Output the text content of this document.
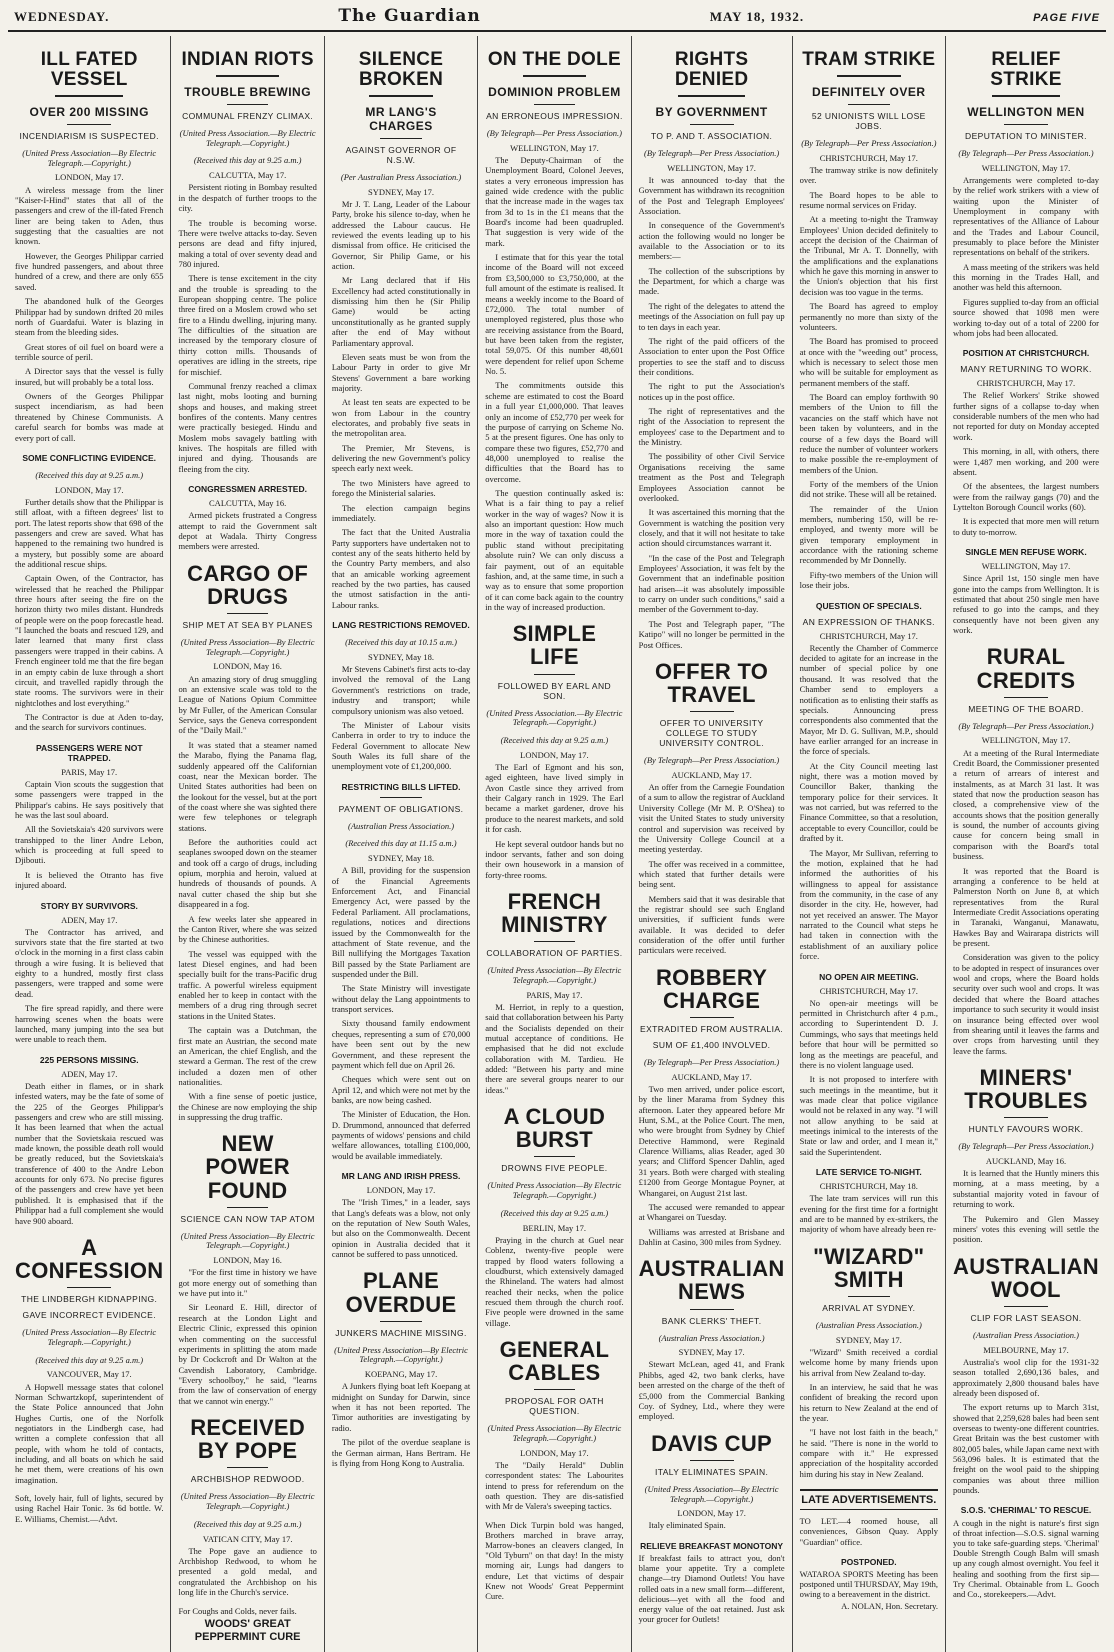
WEDNESDAY.	The Guardian	MAY 18, 1932.	PAGE FIVE
ILL FATED VESSEL
OVER 200 MISSING
INCENDIARISM IS SUSPECTED.
(United Press Association—By Electric Telegraph.—Copyright.)
LONDON, May 17.

A wireless message from the liner "Kaiser-I-Hind" states that all of the passengers and crew of the ill-fated French liner are being taken to Aden, thus suggesting that the casualties are not known.

However, the Georges Philippar carried five hundred passengers, and about three hundred of a crew, and there are only 655 saved.

The abandoned hulk of the Georges Philippar had by sundown drifted 20 miles north of Guardafui. Water is blazing in steam from the bleeding sides.

Great stores of oil fuel on board were a terrible source of peril.

A Director says that the vessel is fully insured, but will probably be a total loss.

Owners of the Georges Philippar suspect incendiarism, as had been threatened by Chinese Communists. A careful search for bombs was made at every port of call.

SOME CONFLICTING EVIDENCE.
(Received this day at 9.25 a.m.)
LONDON, May 17.

Further details show that the Philippar is still afloat, with a fifteen degrees' list to port. The latest reports show that 698 of the passengers and crew are saved. What has happened to the remaining two hundred is a mystery, but possibly some are aboard the additional rescue ships.

Captain Owen, of the Contractor, has wirelessed that he reached the Philippar three hours after seeing the fire on the horizon thirty two miles distant. Hundreds of people were on the poop forecastle head. "I launched the boats and rescued 129, and later learned that many first class passengers were trapped in their cabins. A French engineer told me that the fire began in an empty cabin de luxe through a short circuit, and travelled rapidly through the state rooms. The survivors were in their nightclothes and lost everything."

The Contractor is due at Aden to-day, and the search for survivors continues.

PASSENGERS WERE NOT TRAPPED.
PARIS, May 17.

Captain Vion scouts the suggestion that some passengers were trapped in the Philippar's cabins. He says positively that he was the last soul aboard.

All the Sovietskaia's 420 survivors were transhipped to the liner Andre Lebon, which is proceeding at full speed to Djibouti.

It is believed the Otranto has five injured aboard.

STORY BY SURVIVORS.
ADEN, May 17.

The Contractor has arrived, and survivors state that the fire started at two o'clock in the morning in a first class cabin through a wire fusing. It is believed that eighty to a hundred, mostly first class passengers, were trapped and some were dead.

The fire spread rapidly, and there were harrowing scenes when the boats were launched, many jumping into the sea but were unable to reach them.

225 PERSONS MISSING.
ADEN, May 17.

Death either in flames, or in shark infested waters, may be the fate of some of the 225 of the Georges Philippar's passengers and crew who are still missing. It has been learned that when the actual number that the Sovietskaia rescued was made known, the possible death roll would be greatly reduced, but the Sovietskaia's transference of 400 to the Andre Lebon accounts for only 673. No precise figures of the passengers and crew have yet been published. It is emphasised that if the Philippar had a full complement she would have 900 aboard.

A CONFESSION
THE LINDBERGH KIDNAPPING.
GAVE INCORRECT EVIDENCE.
(United Press Association—By Electric Telegraph.—Copyright.)
(Received this day at 9.25 a.m.)
VANCOUVER, May 17.

A Hopwell message states that colonel Norman Schwartzkopf, superintendent of the State Police announced that John Hughes Curtis, one of the Norfolk negotiators in the Lindbergh case, had written a complete confession that all people, with whom he told of contacts, including, and all boats on which he said he met them, were creations of his own imagination.

Soft, lovely hair, full of lights, secured by using Rachel Hair Tonic. 3s 6d bottle. W. E. Williams, Chemist.—Advt.
INDIAN RIOTS
TROUBLE BREWING
COMMUNAL FRENZY CLIMAX.
(United Press Association.—By Electric Telegraph.—Copyright.)
(Received this day at 9.25 a.m.)
CALCUTTA, May 17.

Persistent rioting in Bombay resulted in the despatch of further troops to the city.

The trouble is becoming worse. There were twelve attacks to-day. Seven persons are dead and fifty injured, making a total of over seventy dead and 780 injured.

There is tense excitement in the city and the trouble is spreading to the European shopping centre. The police three fired on a Moslem crowd who set fire to a Hindu dwelling, injuring many. The difficulties of the situation are increased by the temporary closure of thirty cotton mills. Thousands of operatives are idling in the streets, ripe for mischief.

Communal frenzy reached a climax last night, mobs looting and burning shops and houses, and making street bonfires of the contents. Many centres were practically besieged. Hindu and Moslem mobs savagely battling with knives. The hospitals are filled with injured and dying. Thousands are fleeing from the city.

CONGRESSMEN ARRESTED.
CALCUTTA, May 16.

Armed pickets frustrated a Congress attempt to raid the Government salt depot at Wadala. Thirty Congress members were arrested.

CARGO OF DRUGS
SHIP MET AT SEA BY PLANES
(United Press Association—By Electric Telegraph.—Copyright.)
LONDON, May 16.

An amazing story of drug smuggling on an extensive scale was told to the League of Nations Opium Committee by Mr Fuller, of the American Consular Service, says the Geneva correspondent of the "Daily Mail."

It was stated that a steamer named the Marabo, flying the Panama flag, suddenly appeared off the Californian coast, near the Mexican border. The United States authorities had been on the lookout for the vessel, but at the port of the coast where she was sighted there were few telephones or telegraph stations.

Before the authorities could act seaplanes swooped down on the steamer and took off a cargo of drugs, including opium, morphia and heroin, valued at hundreds of thousands of pounds. A naval cutter chased the ship but she disappeared in a fog.

A few weeks later she appeared in the Canton River, where she was seized by the Chinese authorities.

The vessel was equipped with the latest Diesel engines, and had been specially built for the trans-Pacific drug traffic. A powerful wireless equipment enabled her to keep in contact with the members of a drug ring through secret stations in the United States.

The captain was a Dutchman, the first mate an Austrian, the second mate an American, the chief English, and the steward a German. The rest of the crew included a dozen men of other nationalities.

With a fine sense of poetic justice, the Chinese are now employing the ship in suppressing the drug traffic.

NEW POWER FOUND
SCIENCE CAN NOW TAP ATOM
(United Press Association—By Electric Telegraph.—Copyright.)
LONDON, May 16.

"For the first time in history we have got more energy out of something than we have put into it."

Sir Leonard E. Hill, director of research at the London Light and Electric Clinic, expressed this opinion when commenting on the successful experiments in splitting the atom made by Dr Cockcroft and Dr Walton at the Cavendish Laboratory, Cambridge. "Every schoolboy," he said, "learns from the law of conservation of energy that we cannot win energy."

RECEIVED BY POPE
ARCHBISHOP REDWOOD.
(United Press Association—By Electric Telegraph.—Copyright.)
(Received this day at 9.25 a.m.)
VATICAN CITY, May 17.

The Pope gave an audience to Archbishop Redwood, to whom he presented a gold medal, and congratulated the Archbishop on his long life in the Church's service.

For Coughs and Colds, never fails.
WOODS' GREAT PEPPERMINT CURE
SILENCE BROKEN
MR LANG'S CHARGES
AGAINST GOVERNOR OF N.S.W.
(Per Australian Press Association.)
SYDNEY, May 17.

Mr J. T. Lang, Leader of the Labour Party, broke his silence to-day, when he addressed the Labour caucus. He reviewed the events leading up to his dismissal from office. He criticised the Governor, Sir Philip Game, or his action.

Mr Lang declared that if His Excellency had acted constitutionally in dismissing him then he (Sir Philip Game) would be acting unconstitutionally as he granted supply after the end of May without Parliamentary approval.

Eleven seats must be won from the Labour Party in order to give Mr Stevens' Government a bare working majority.

At least ten seats are expected to be won from Labour in the country electorates, and probably five seats in the metropolitan area.

The Premier, Mr Stevens, is delivering the new Government's policy speech early next week.

The two Ministers have agreed to forego the Ministerial salaries.

The election campaign begins immediately.

The fact that the United Australia Party supporters have undertaken not to contest any of the seats hitherto held by the Country Party members, and also that an amicable working agreement reached by the two parties, has caused the utmost satisfaction in the anti-Labour ranks.

LANG RESTRICTIONS REMOVED.
(Received this day at 10.15 a.m.)
SYDNEY, May 18.

Mr Stevens Cabinet's first acts to-day involved the removal of the Lang Government's restrictions on trade, industry and transport; while compulsory unionism was also vetoed.

The Minister of Labour visits Canberra in order to try to induce the Federal Government to allocate New South Wales its full share of the unemployment vote of £1,200,000.

RESTRICTING BILLS LIFTED.
PAYMENT OF OBLIGATIONS.
(Australian Press Association.)
(Received this day at 11.15 a.m.)
SYDNEY, May 18.

A Bill, providing for the suspension of the Financial Agreements Enforcement Act, and Financial Emergency Act, were passed by the Federal Parliament. All proclamations, regulations, notices and directions issued by the Commonwealth for the attachment of State revenue, and the Bill nullifying the Mortgages Taxation Bill passed by the State Parliament are suspended under the Bill.

The State Ministry will investigate without delay the Lang appointments to transport services.

Sixty thousand family endowment cheques, representing a sum of £70,000 have been sent out by the new Government, and these represent the payment which fell due on April 26.

Cheques which were sent out on April 12, and which were not met by the banks, are now being cashed.

The Minister of Education, the Hon. D. Drummond, announced that deferred payments of widows' pensions and child welfare allowances, totalling £100,000, would be available immediately.

MR LANG AND IRISH PRESS.
LONDON, May 17.

The "Irish Times," in a leader, says that Lang's defeats was a blow, not only on the reputation of New South Wales, but also on the Commonwealth. Decent opinion in Australia decided that it cannot be suffered to pass unnoticed.

PLANE OVERDUE
JUNKERS MACHINE MISSING.
(United Press Association—By Electric Telegraph.—Copyright.)
KOEPANG, May 17.

A Junkers flying boat left Koepang at midnight on Sunday for Darwin, since when it has not been reported. The Timor authorities are investigating by radio.

The pilot of the overdue seaplane is the German airman, Hans Bertram. He is flying from Hong Kong to Australia.

ON THE DOLE
DOMINION PROBLEM
AN ERRONEOUS IMPRESSION.
(By Telegraph—Per Press Association.)
WELLINGTON, May 17.

The Deputy-Chairman of the Unemployment Board, Colonel Jeeves, states a very erroneous impression has gained wide credence with the public that the increase made in the wages tax from 3d to 1s in the £1 means that the Board's income had been quadrupled. That suggestion is very wide of the mark.

I estimate that for this year the total income of the Board will not exceed from £3,500,000 to £3,750,000, at the full amount of the estimate is realised. It means a weekly income to the Board of £72,000. The total number of unemployed registered, plus those who are receiving assistance from the Board, but have been taken from the register, total 59,075. Of this number 48,601 were dependent for relief upon Scheme No. 5.

The commitments outside this scheme are estimated to cost the Board in a full year £1,000,000. That leaves only an income of £52,770 per week for the purpose of carrying on Scheme No. 5 at the present figures. One has only to compare these two figures, £52,770 and 48,000 unemployed to realise the difficulties that the Board has to overcome.

The question continually asked is: What is a fair thing to pay a relief worker in the way of wages? Now it is also an important question: How much more in the way of taxation could the public stand without precipitating absolute ruin? We can only discuss a fair payment, out of an equitable fashion, and, at the same time, in such a way as to ensure that some proportion of it can come back again to the country in the way of increased production.

SIMPLE LIFE
FOLLOWED BY EARL AND SON.
(United Press Association.—By Electric Telegraph.—Copyright.)
(Received this day at 9.25 a.m.)
LONDON, May 17.

The Earl of Egmont and his son, aged eighteen, have lived simply in Avon Castle since they arrived from their Calgary ranch in 1929. The Earl became a market gardener, drove his produce to the nearest markets, and sold it for cash.

He kept several outdoor hands but no indoor servants, father and son doing their own housework in a mansion of forty-three rooms.

FRENCH MINISTRY
COLLABORATION OF PARTIES.
(United Press Association—By Electric Telegraph.—Copyright.)
PARIS, May 17.

M. Herriot, in reply to a question, said that collaboration between his Party and the Socialists depended on their mutual acceptance of conditions. He emphasised that he did not exclude collaboration with M. Tardieu. He added: "Between his party and mine there are several groups nearer to our ideas."

A CLOUD BURST
DROWNS FIVE PEOPLE.
(United Press Association—By Electric Telegraph.—Copyright.)
(Received this day at 9.25 a.m.)
BERLIN, May 17.

Praying in the church at Guel near Coblenz, twenty-five people were trapped by flood waters following a cloudburst, which extensively damaged the Rhineland. The waters had almost reached their necks, when the police rescued them through the church roof. Five people were drowned in the same village.

GENERAL CABLES
PROPOSAL FOR OATH QUESTION.
(United Press Association—By Electric Telegraph.—Copyright.)
LONDON, May 17.

The "Daily Herald" Dublin correspondent states: The Labourites intend to press for referendum on the oath question. They are dis-satisfied with Mr de Valera's sweeping tactics.

When Dick Turpin bold was hanged, Brothers marched in brave array, Marrow-bones an cleavers clanged, In "Old Tyburn" on that day! In the misty morning air, Lungs had dangers to endure, Let that victims of despair Knew not Woods' Great Peppermint Cure.
RIGHTS DENIED
BY GOVERNMENT
TO P. AND T. ASSOCIATION.
(By Telegraph—Per Press Association.)
WELLINGTON, May 17.

It was announced to-day that the Government has withdrawn its recognition of the Post and Telegraph Employees' Association.

In consequence of the Government's action the following would no longer be available to the Association or to its members:—

The collection of the subscriptions by the Department, for which a charge was made.

The right of the delegates to attend the meetings of the Association on full pay up to ten days in each year.

The right of the paid officers of the Association to enter upon the Post Office properties to see the staff and to discuss their conditions.

The right to put the Association's notices up in the post office.

The right of representatives and the right of the Association to represent the employees' case to the Department and to the Ministry.

The possibility of other Civil Service Organisations receiving the same treatment as the Post and Telegraph Employees Association cannot be overlooked.

It was ascertained this morning that the Government is watching the position very closely, and that it will not hesitate to take action should circumstances warrant it.

"In the case of the Post and Telegraph Employees' Association, it was felt by the Government that an indefinable position had arisen—it was absolutely impossible to carry on under such conditions," said a member of the Government to-day.

The Post and Telegraph paper, "The Katipo" will no longer be permitted in the Post Offices.

OFFER TO TRAVEL
OFFER TO UNIVERSITY COLLEGE TO STUDY UNIVERSITY CONTROL.
(By Telegraph—Per Press Association.)
AUCKLAND, May 17.

An offer from the Carnegie Foundation of a sum to allow the registrar of Auckland University College (Mr M. P. O'Shea) to visit the United States to study university control and supervision was received by the University College Council at a meeting yesterday.

The offer was received in a committee, which stated that further details were being sent.

Members said that it was desirable that the registrar should see such England universities, if sufficient funds were available. It was decided to defer consideration of the offer until further particulars were received.

ROBBERY CHARGE
EXTRADITED FROM AUSTRALIA.
SUM OF £1,400 INVOLVED.
(By Telegraph—Per Press Association.)
AUCKLAND, May 17.

Two men arrived, under police escort, by the liner Marama from Sydney this afternoon. Later they appeared before Mr Hunt, S.M., at the Police Court. The men, who were brought from Sydney by Chief Detective Hammond, were Reginald Clarence Williams, alias Reader, aged 30 years; and Clifford Spencer Dahlin, aged 31 years. Both were charged with stealing £1200 from George Montague Poyner, at Whangarei, on August 21st last.

The accused were remanded to appear at Whangarei on Tuesday.

Williams was arrested at Brisbane and Dahlin at Casino, 300 miles from Sydney.

AUSTRALIAN NEWS
BANK CLERKS' THEFT.
(Australian Press Association.)
SYDNEY, May 17.

Stewart McLean, aged 41, and Frank Phibbs, aged 42, two bank clerks, have been arrested on the charge of the theft of £5,000 from the Commercial Banking Coy. of Sydney, Ltd., where they were employed.

DAVIS CUP
ITALY ELIMINATES SPAIN.
(United Press Association—By Electric Telegraph.—Copyright.)
LONDON, May 17.

Italy eliminated Spain.

RELIEVE BREAKFAST MONOTONY
If breakfast fails to attract you, don't blame your appetite. Try a complete change—try Diamond Outlets! You have rolled oats in a new small form—different, delicious—yet with all the food and energy value of the oat retained. Just ask your grocer for Outlets!
TRAM STRIKE
DEFINITELY OVER
52 UNIONISTS WILL LOSE JOBS.
(By Telegraph—Per Press Association.)
CHRISTCHURCH, May 17.

The tramway strike is now definitely over.

The Board hopes to be able to resume normal services on Friday.

At a meeting to-night the Tramway Employees' Union decided definitely to accept the decision of the Chairman of the Tribunal, Mr A. T. Donnelly, with the amplifications and the explanations which he gave this morning in answer to the Union's objection that his first decision was too vague in the terms.

The Board has agreed to employ permanently no more than sixty of the volunteers.

The Board has promised to proceed at once with the "weeding out" process, which is necessary to select those men who will be suitable for employment as permanent members of the staff.

The Board can employ forthwith 90 members of the Union to fill the vacancies on the staff which have not been taken by volunteers, and in the course of a few days the Board will reduce the number of volunteer workers to make possible the re-employment of members of the Union.

Forty of the members of the Union did not strike. These will all be retained.

The remainder of the Union members, numbering 150, will be re-employed, and twenty more will be given temporary employment in accordance with the rationing scheme recommended by Mr Donnelly.

Fifty-two members of the Union will lose their jobs.

QUESTION OF SPECIALS.
AN EXPRESSION OF THANKS.
CHRISTCHURCH, May 17.

Recently the Chamber of Commerce decided to agitate for an increase in the number of special police by one thousand. It was resolved that the Chamber send to employers a notification as to enlisting their staffs as specials. Announcing press correspondents also commented that the Mayor, Mr D. G. Sullivan, M.P., should have earlier arranged for an increase in the force of specials.

At the City Council meeting last night, there was a motion moved by Councillor Baker, thanking the temporary police for their services. It was not carried, but was referred to the Finance Committee, so that a resolution, acceptable to every Councillor, could be drafted by it.

The Mayor, Mr Sullivan, referring to the motion, explained that he had informed the authorities of his willingness to appeal for assistance from the community, in the case of any disorder in the city. He, however, had not yet received an answer. The Mayor narrated to the Council what steps he had taken in connection with the establishment of an auxiliary police force.

NO OPEN AIR MEETING.
CHRISTCHURCH, May 17.

No open-air meetings will be permitted in Christchurch after 4 p.m., according to Superintendent D. J. Cummings, who says that meetings held before that hour will be permitted so long as the meetings are peaceful, and there is no violent language used.

It is not proposed to interfere with such meetings in the meantime, but it was made clear that police vigilance would not be relaxed in any way. "I will not allow anything to be said at meetings inimical to the interests of the State or law and order, and I mean it," said the Superintendent.

LATE SERVICE TO-NIGHT.
CHRISTCHURCH, May 18.

The late tram services will run this evening for the first time for a fortnight and are to be manned by ex-strikers, the majority of whom have already been re-

"WIZARD" SMITH
ARRIVAL AT SYDNEY.
(Australian Press Association.)
SYDNEY, May 17.

"Wizard" Smith received a cordial welcome home by many friends upon his arrival from New Zealand to-day.

In an interview, he said that he was confident of breaking the record upon his return to New Zealand at the end of the year.

"I have not lost faith in the beach," he said. "There is none in the world to compare with it." He expressed appreciation of the hospitality accorded him during his stay in New Zealand.

LATE ADVERTISEMENTS.
TO LET.—4 roomed house, all conveniences, Gibson Quay. Apply "Guardian" office.
POSTPONED.
WATAROA SPORTS Meeting has been postponed until THURSDAY, May 19th, owing to a bereavement in the district.
A. NOLAN, Hon. Secretary.
RELIEF STRIKE
WELLINGTON MEN
DEPUTATION TO MINISTER.
(By Telegraph—Per Press Association.)
WELLINGTON, May 17.

Arrangements were completed to-day by the relief work strikers with a view of waiting upon the Minister of Unemployment in company with representatives of the Alliance of Labour and the Trades and Labour Council, presumably to place before the Minister representations on behalf of the strikers.

A mass meeting of the strikers was held this morning in the Trades Hall, and another was held this afternoon.

Figures supplied to-day from an official source showed that 1098 men were working to-day out of a total of 2200 for whom jobs had been allocated.

POSITION AT CHRISTCHURCH.
MANY RETURNING TO WORK.
CHRISTCHURCH, May 17.

The Relief Workers' Strike showed further signs of a collapse to-day when considerable numbers of the men who had not reported for duty on Monday accepted work.

This morning, in all, with others, there were 1,487 men working, and 200 were absent.

Of the absentees, the largest numbers were from the railway gangs (70) and the Lyttelton Borough Council works (60).

It is expected that more men will return to duty to-morrow.

SINGLE MEN REFUSE WORK.
WELLINGTON, May 17.

Since April 1st, 150 single men have gone into the camps from Wellington. It is estimated that about 250 single men have refused to go into the camps, and they consequently have not been given any work.

RURAL CREDITS
MEETING OF THE BOARD.
(By Telegraph—Per Press Association.)
WELLINGTON, May 17.

At a meeting of the Rural Intermediate Credit Board, the Commissioner presented a return of arrears of interest and instalments, as at March 31 last. It was stated that now the production season has closed, a comprehensive view of the accounts shows that the position generally is sound, the number of accounts giving cause for concern being small in comparison with the Board's total business.

It was reported that the Board is arranging a conference to be held at Palmerston North on June 8, at which representatives from the Rural Intermediate Credit Associations operating in Taranaki, Wanganui, Manawatu, Hawkes Bay and Wairarapa districts will be present.

Consideration was given to the policy to be adopted in respect of insurances over wool and crops, where the Board holds security over such wool and crops. It was decided that where the Board attaches importance to such security it would insist on insurance being effected over wool from shearing until it leaves the farms and over crops from harvesting until they leave the farms.

MINERS' TROUBLES
HUNTLY FAVOURS WORK.
(By Telegraph—Per Press Association.)
AUCKLAND, May 16.

It is learned that the Huntly miners this morning, at a mass meeting, by a substantial majority voted in favour of returning to work.

The Pukemiro and Glen Massey miners' votes this evening will settle the position.

AUSTRALIAN WOOL
CLIP FOR LAST SEASON.
(Australian Press Association.)
MELBOURNE, May 17.

Australia's wool clip for the 1931-32 season totalled 2,690,136 bales, and approximately 2,800 thousand bales have already been disposed of.

The export returns up to March 31st, showed that 2,259,628 bales had been sent overseas to twenty-one different countries. Great Britain was the best customer with 802,005 bales, while Japan came next with 563,096 bales. It is estimated that the freight on the wool paid to the shipping companies was about three million pounds.

S.O.S. 'CHERIMAL' TO RESCUE.
A cough in the night is nature's first sign of throat infection—S.O.S. signal warning you to take safe-guarding steps. 'Cherimal' Double Strength Cough Balm will smash up any cough almost overnight. You feel it healing and soothing from the first sip—Try Cherimal. Obtainable from L. Gooch and Co., storekeepers.—Advt.
